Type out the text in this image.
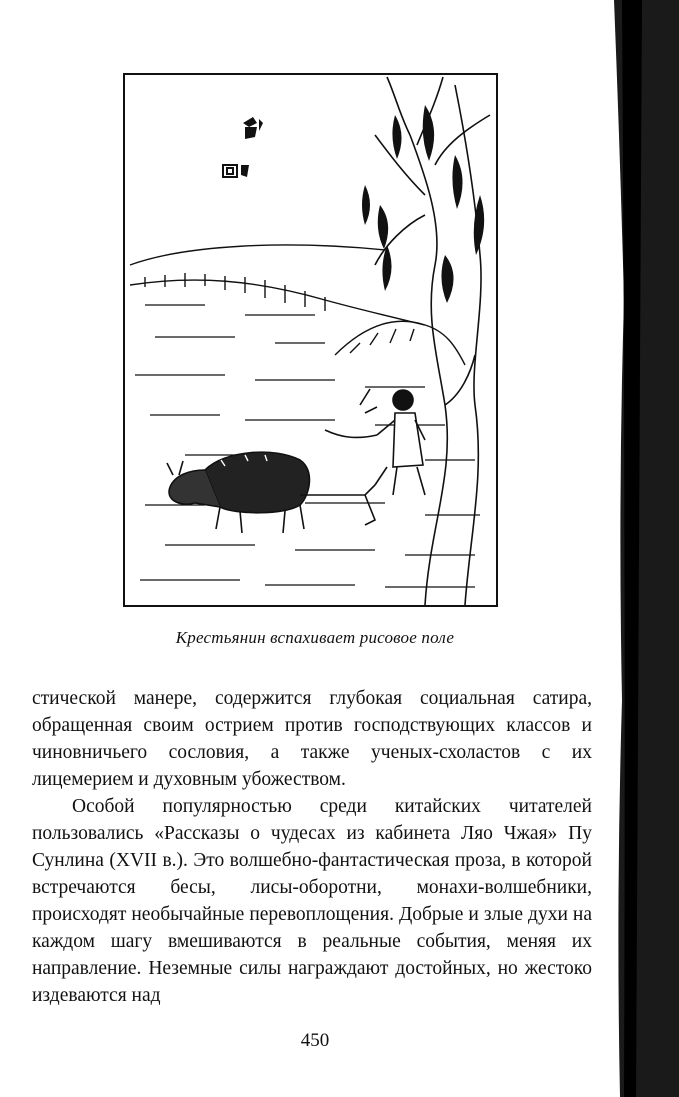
Крестьянин вспахивает рисовое поле

стической манере, содержится глубокая социальная сатира, обращенная своим острием против господствующих классов и чиновничьего сословия, а также ученых-схоластов с их лицемерием и духовным убожеством.

Особой популярностью среди китайских читателей пользовались «Рассказы о чудесах из кабинета Ляо Чжая» Пу Сунлина (XVII в.). Это волшебно-фантастическая проза, в которой встречаются бесы, лисы-оборотни, монахи-волшебники, происходят необычайные перевоплощения. Добрые и злые духи на каждом шагу вмешиваются в реальные события, меняя их направление. Неземные силы награждают достойных, но жестоко издеваются над

450
